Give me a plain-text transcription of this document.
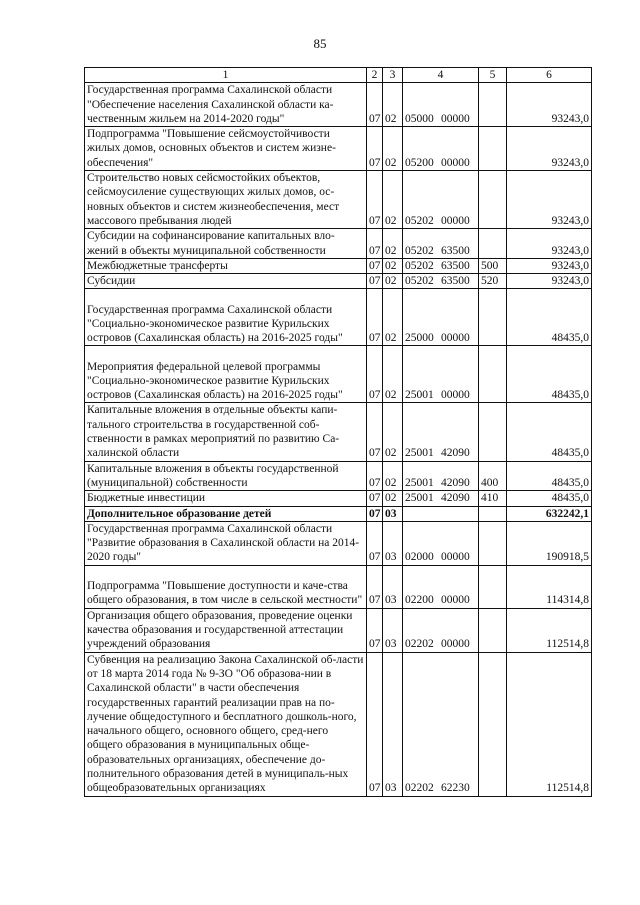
85
1	2	3	4	5	6
Государственная программа Сахалинской области "Обеспечение населения Сахалинской области ка-чественным жильем на 2014-2020 годы"	07	02	05000 00000		93243,0
Подпрограмма "Повышение сейсмоустойчивости жилых домов, основных объектов и систем жизне-обеспечения"	07	02	05200 00000		93243,0
Строительство новых сейсмостойких объектов, сейсмоусиление существующих жилых домов, ос-новных объектов и систем жизнеобеспечения, мест массового пребывания людей	07	02	05202 00000		93243,0
Субсидии на софинансирование капитальных вло-жений в объекты муниципальной собственности	07	02	05202 63500		93243,0
Межбюджетные трансферты	07	02	05202 63500	500	93243,0
Субсидии	07	02	05202 63500	520	93243,0
Государственная программа Сахалинской области "Социально-экономическое развитие Курильских островов (Сахалинская область) на 2016-2025 годы"	07	02	25000 00000		48435,0
Мероприятия федеральной целевой программы "Социально-экономическое развитие Курильских островов (Сахалинская область) на 2016-2025 годы"	07	02	25001 00000		48435,0
Капитальные вложения в отдельные объекты капи-тального строительства в государственной соб-ственности в рамках мероприятий по развитию Са-халинской области	07	02	25001 42090		48435,0
Капитальные вложения в объекты государственной (муниципальной) собственности	07	02	25001 42090	400	48435,0
Бюджетные инвестиции	07	02	25001 42090	410	48435,0
Дополнительное образование детей	07	03			632242,1
Государственная программа Сахалинской области "Развитие образования в Сахалинской области на 2014-2020 годы"	07	03	02000 00000		190918,5
Подпрограмма "Повышение доступности и каче-ства общего образования, в том числе в сельской местности"	07	03	02200 00000		114314,8
Организация общего образования, проведение оценки качества образования и государственной аттестации учреждений образования	07	03	02202 00000		112514,8
Субвенция на реализацию Закона Сахалинской об-ласти от 18 марта 2014 года № 9-ЗО "Об образова-нии в Сахалинской области" в части обеспечения государственных гарантий реализации прав на по-лучение общедоступного и бесплатного дошколь-ного, начального общего, основного общего, сред-него общего образования в муниципальных обще-образовательных организациях, обеспечение до-полнительного образования детей в муниципаль-ных общеобразовательных организациях	07	03	02202 62230		112514,8
